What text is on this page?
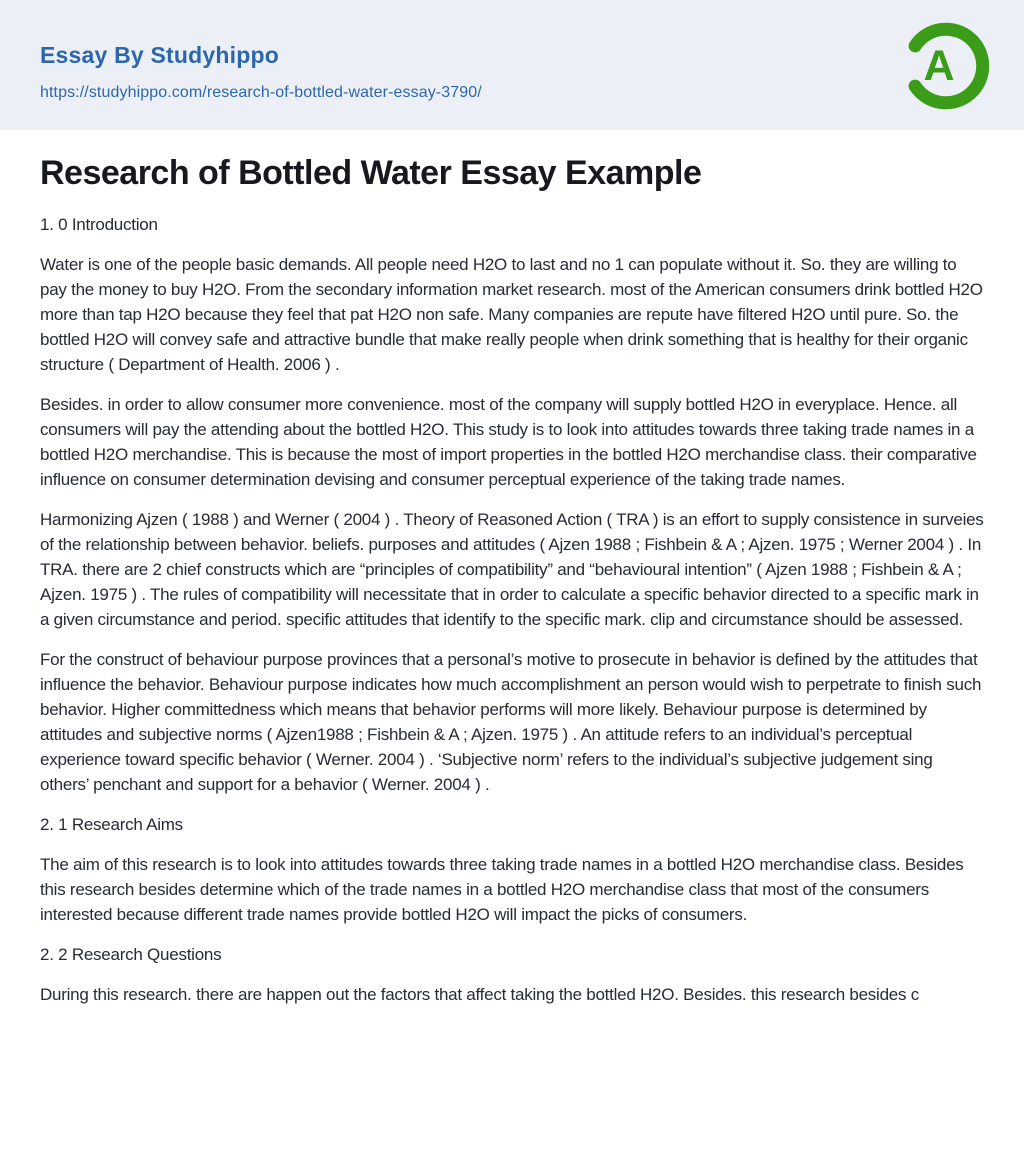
Essay By Studyhippo
https://studyhippo.com/research-of-bottled-water-essay-3790/
A
Research of Bottled Water Essay Example

1. 0 Introduction

Water is one of the people basic demands. All people need H2O to last and no 1 can populate without it. So. they are willing to pay the money to buy H2O. From the secondary information market research. most of the American consumers drink bottled H2O more than tap H2O because they feel that pat H2O non safe. Many companies are repute have filtered H2O until pure. So. the bottled H2O will convey safe and attractive bundle that make really people when drink something that is healthy for their organic structure ( Department of Health. 2006 ) .

Besides. in order to allow consumer more convenience. most of the company will supply bottled H2O in everyplace. Hence. all consumers will pay the attending about the bottled H2O. This study is to look into attitudes towards three taking trade names in a bottled H2O merchandise. This is because the most of import properties in the bottled H2O merchandise class. their comparative influence on consumer determination devising and consumer perceptual experience of the taking trade names.

Harmonizing Ajzen ( 1988 ) and Werner ( 2004 ) . Theory of Reasoned Action ( TRA ) is an effort to supply consistence in surveies of the relationship between behavior. beliefs. purposes and attitudes ( Ajzen 1988 ; Fishbein & A ; Ajzen. 1975 ; Werner 2004 ) . In TRA. there are 2 chief constructs which are “principles of compatibility” and “behavioural intention” ( Ajzen 1988 ; Fishbein & A ; Ajzen. 1975 ) . The rules of compatibility will necessitate that in order to calculate a specific behavior directed to a specific mark in a given circumstance and period. specific attitudes that identify to the specific mark. clip and circumstance should be assessed.

For the construct of behaviour purpose provinces that a personal’s motive to prosecute in behavior is defined by the attitudes that influence the behavior. Behaviour purpose indicates how much accomplishment an person would wish to perpetrate to finish such behavior. Higher committedness which means that behavior performs will more likely. Behaviour purpose is determined by attitudes and subjective norms ( Ajzen1988 ; Fishbein & A ; Ajzen. 1975 ) . An attitude refers to an individual’s perceptual experience toward specific behavior ( Werner. 2004 ) . ‘Subjective norm’ refers to the individual’s subjective judgement sing others’ penchant and support for a behavior ( Werner. 2004 ) .

2. 1 Research Aims

The aim of this research is to look into attitudes towards three taking trade names in a bottled H2O merchandise class. Besides this research besides determine which of the trade names in a bottled H2O merchandise class that most of the consumers interested because different trade names provide bottled H2O will impact the picks of consumers.

2. 2 Research Questions

During this research. there are happen out the factors that affect taking the bottled H2O. Besides. this research besides c
